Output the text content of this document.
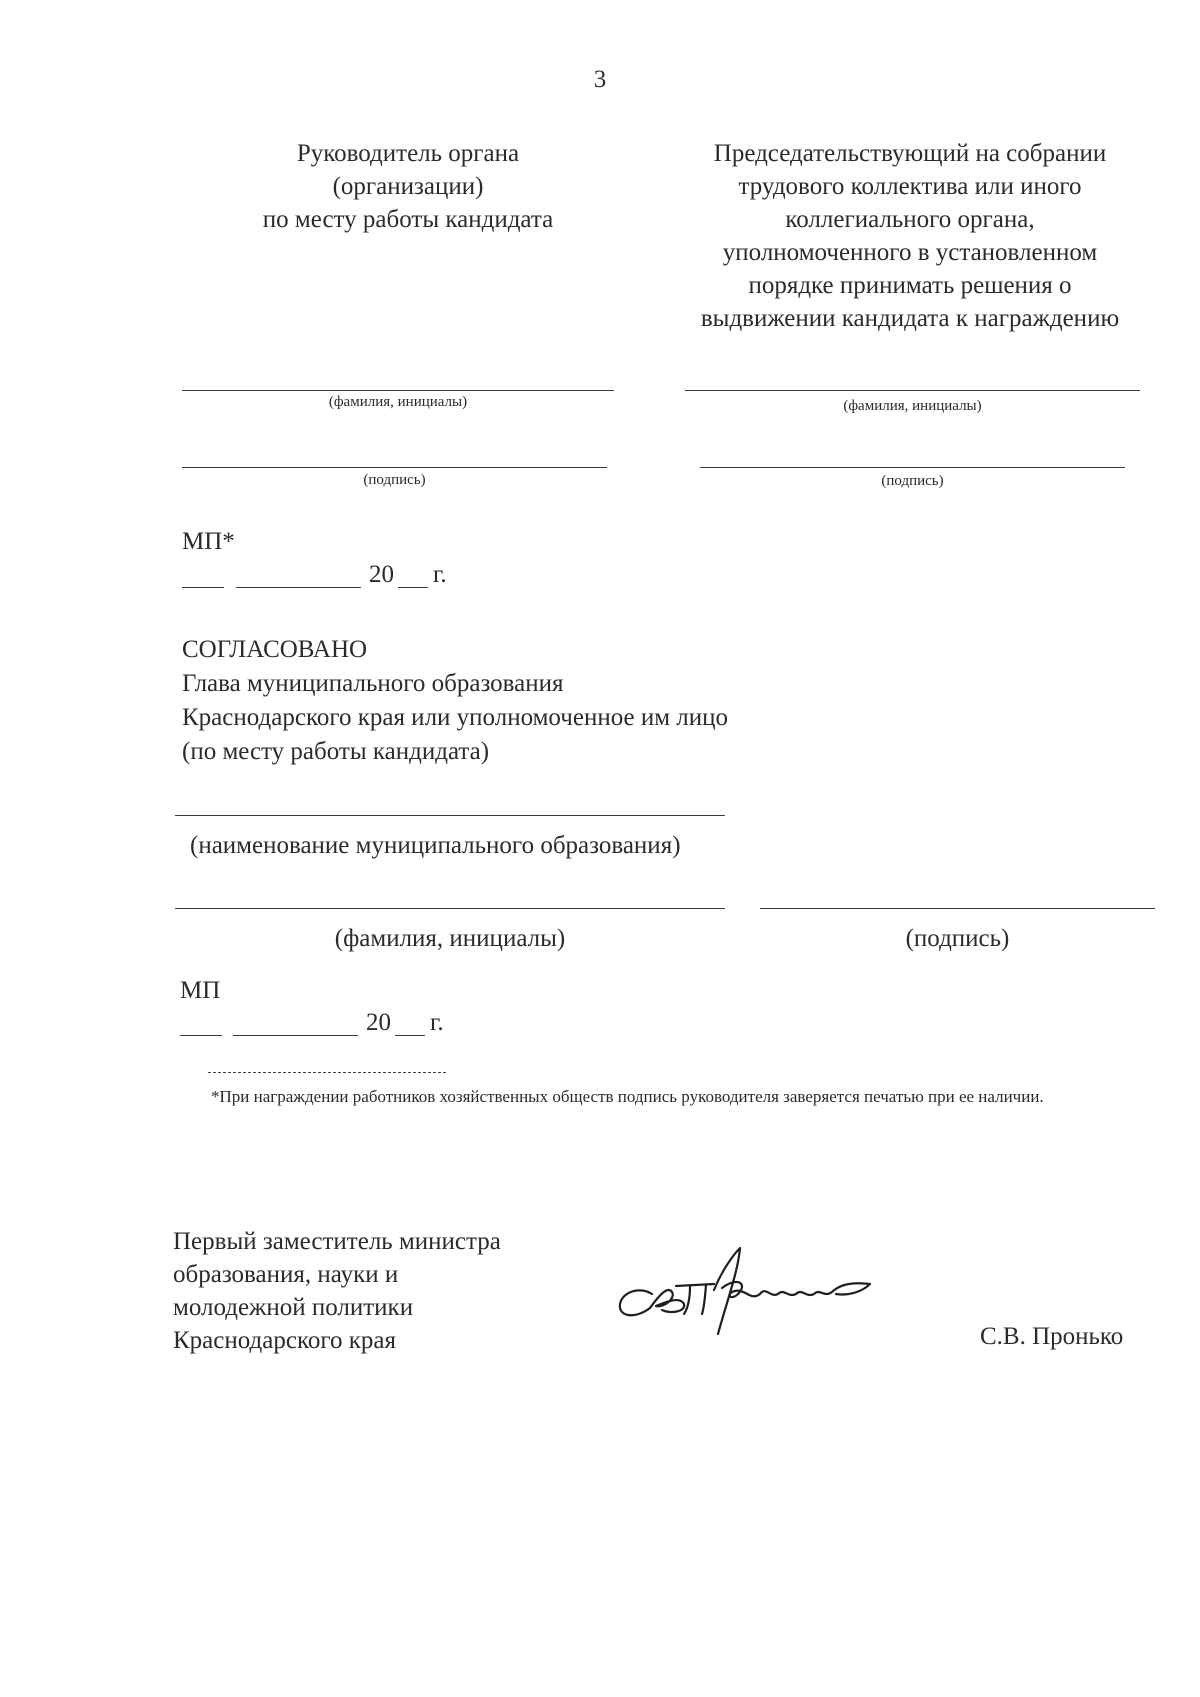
3
Руководитель органа
(организации)
по месту работы кандидата
Председательствующий на собрании
трудового коллектива или иного
коллегиального органа,
уполномоченного в установленном
порядке принимать решения о
выдвижении кандидата к награждению
(фамилия, инициалы)	(фамилия, инициалы)
(подпись)	(подпись)
МП*
20 г.
СОГЛАСОВАНО
Глава муниципального образования
Краснодарского края или уполномоченное им лицо
(по месту работы кандидата)
(наименование муниципального образования)
(фамилия, инициалы)	(подпись)
МП
20 г.
*При награждении работников хозяйственных обществ подпись руководителя заверяется печатью при ее наличии.
Первый заместитель министра
образования, науки и
молодежной политики
Краснодарского края	С.В. Пронько
